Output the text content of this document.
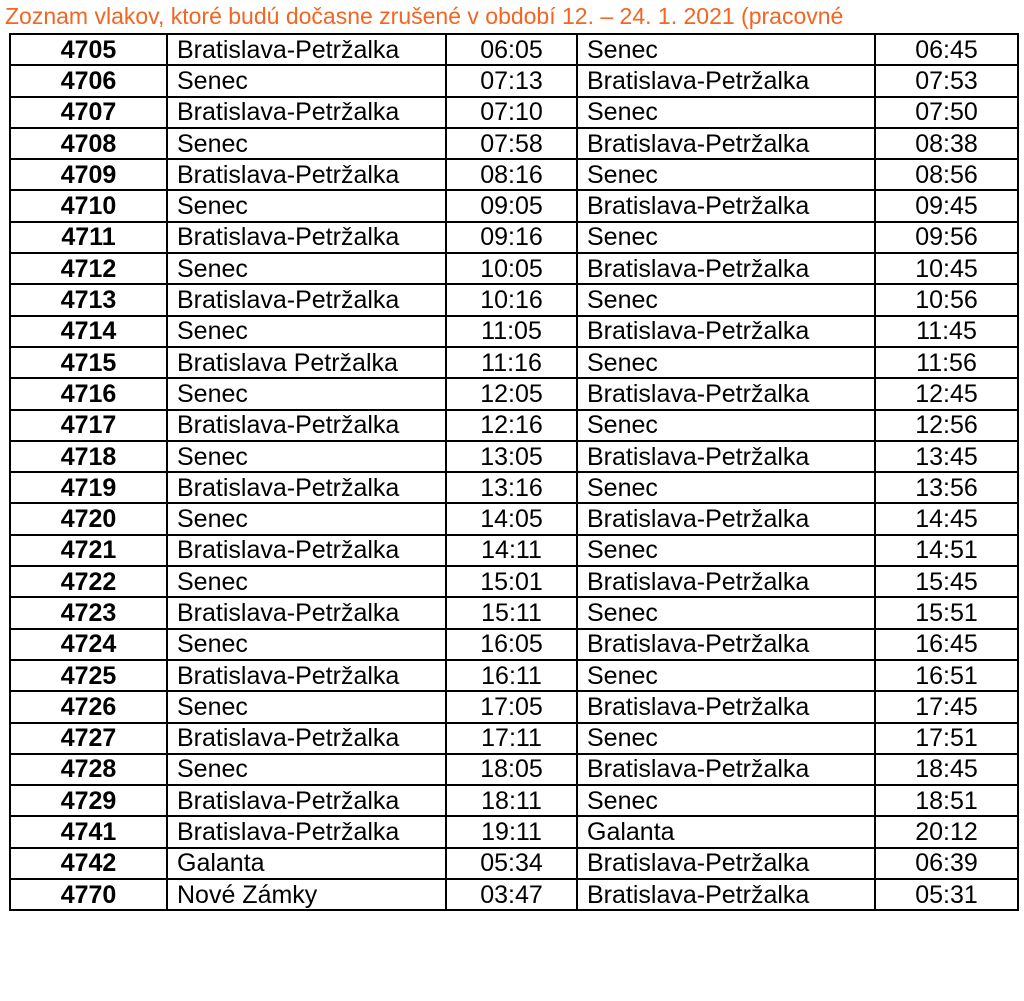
Zoznam vlakov, ktoré budú dočasne zrušené v období 12. – 24. 1. 2021 (pracovné
4705	Bratislava-Petržalka	06:05	Senec	06:45
4706	Senec	07:13	Bratislava-Petržalka	07:53
4707	Bratislava-Petržalka	07:10	Senec	07:50
4708	Senec	07:58	Bratislava-Petržalka	08:38
4709	Bratislava-Petržalka	08:16	Senec	08:56
4710	Senec	09:05	Bratislava-Petržalka	09:45
4711	Bratislava-Petržalka	09:16	Senec	09:56
4712	Senec	10:05	Bratislava-Petržalka	10:45
4713	Bratislava-Petržalka	10:16	Senec	10:56
4714	Senec	11:05	Bratislava-Petržalka	11:45
4715	Bratislava Petržalka	11:16	Senec	11:56
4716	Senec	12:05	Bratislava-Petržalka	12:45
4717	Bratislava-Petržalka	12:16	Senec	12:56
4718	Senec	13:05	Bratislava-Petržalka	13:45
4719	Bratislava-Petržalka	13:16	Senec	13:56
4720	Senec	14:05	Bratislava-Petržalka	14:45
4721	Bratislava-Petržalka	14:11	Senec	14:51
4722	Senec	15:01	Bratislava-Petržalka	15:45
4723	Bratislava-Petržalka	15:11	Senec	15:51
4724	Senec	16:05	Bratislava-Petržalka	16:45
4725	Bratislava-Petržalka	16:11	Senec	16:51
4726	Senec	17:05	Bratislava-Petržalka	17:45
4727	Bratislava-Petržalka	17:11	Senec	17:51
4728	Senec	18:05	Bratislava-Petržalka	18:45
4729	Bratislava-Petržalka	18:11	Senec	18:51
4741	Bratislava-Petržalka	19:11	Galanta	20:12
4742	Galanta	05:34	Bratislava-Petržalka	06:39
4770	Nové Zámky	03:47	Bratislava-Petržalka	05:31
